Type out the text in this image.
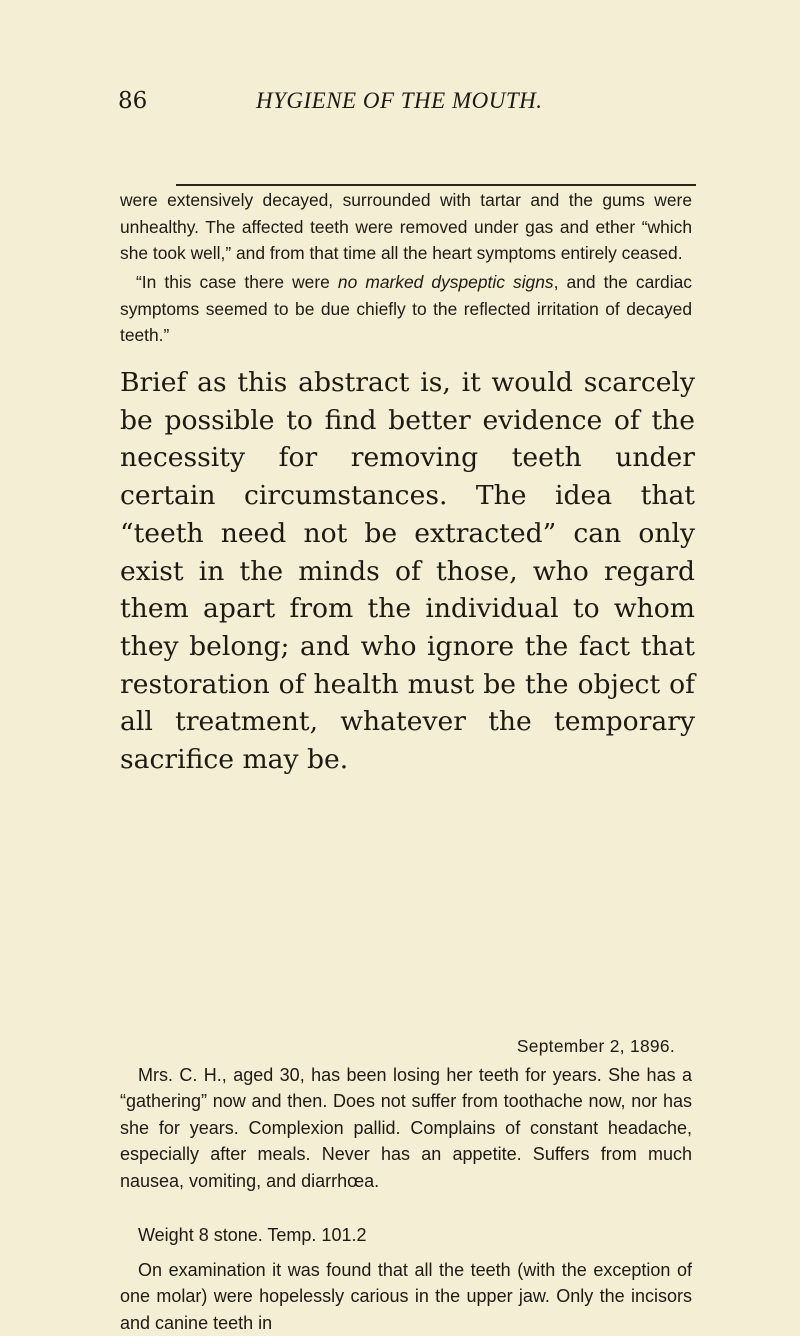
86	HYGIENE OF THE MOUTH.

were extensively decayed, surrounded with tartar and the gums were unhealthy. The affected teeth were removed under gas and ether “which she took well,” and from that time all the heart symptoms entirely ceased.

“In this case there were no marked dyspeptic signs, and the cardiac symptoms seemed to be due chiefly to the reflected irritation of decayed teeth.”

Brief as this abstract is, it would scarcely be possible to find better evidence of the necessity for removing teeth under certain circumstances. The idea that “teeth need not be extracted” can only exist in the minds of those, who regard them apart from the individual to whom they belong; and who ignore the fact that restoration of health must be the object of all treatment, whatever the temporary sacrifice may be.

September 2, 1896.

Mrs. C. H., aged 30, has been losing her teeth for years. She has a “gathering” now and then. Does not suffer from toothache now, nor has she for years. Complexion pallid. Complains of constant headache, especially after meals. Never has an appetite. Suffers from much nausea, vomiting, and diarrhœa.

Weight 8 stone. Temp. 101.2

On examination it was found that all the teeth (with the exception of one molar) were hopelessly carious in the upper jaw. Only the incisors and canine teeth in
